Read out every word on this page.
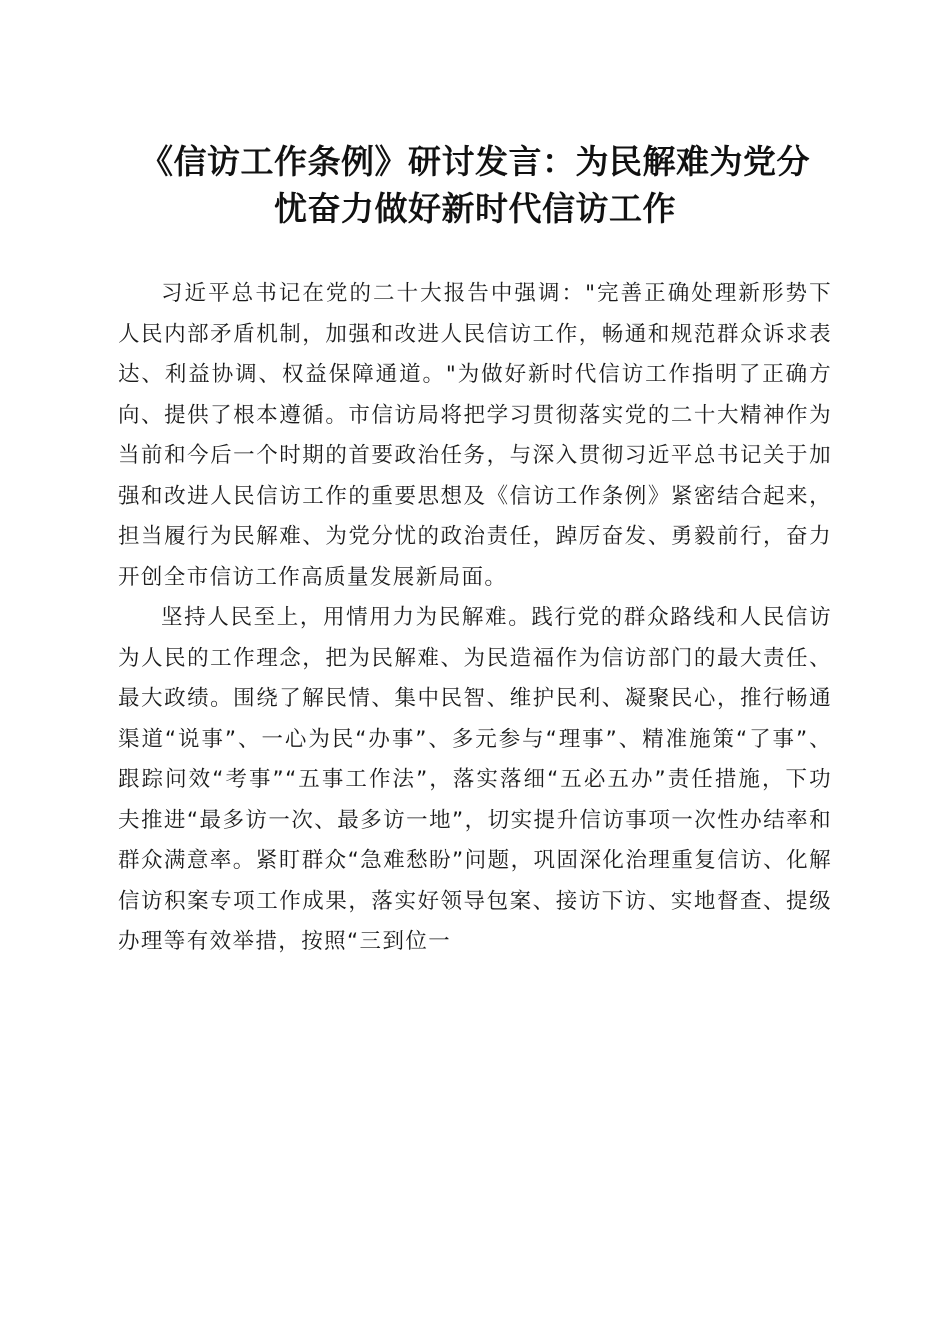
《信访工作条例》研讨发言：为民解难为党分
忧奋力做好新时代信访工作

习近平总书记在党的二十大报告中强调："完善正确处理新形势下人民内部矛盾机制，加强和改进人民信访工作，畅通和规范群众诉求表达、利益协调、权益保障通道。"为做好新时代信访工作指明了正确方向、提供了根本遵循。市信访局将把学习贯彻落实党的二十大精神作为当前和今后一个时期的首要政治任务，与深入贯彻习近平总书记关于加强和改进人民信访工作的重要思想及《信访工作条例》紧密结合起来，担当履行为民解难、为党分忧的政治责任，踔厉奋发、勇毅前行，奋力开创全市信访工作高质量发展新局面。

坚持人民至上，用情用力为民解难。践行党的群众路线和人民信访为人民的工作理念，把为民解难、为民造福作为信访部门的最大责任、最大政绩。围绕了解民情、集中民智、维护民利、凝聚民心，推行畅通渠道“说事”、一心为民“办事”、多元参与“理事”、精准施策“了事”、跟踪问效“考事”“五事工作法”，落实落细“五必五办”责任措施，下功夫推进“最多访一次、最多访一地”，切实提升信访事项一次性办结率和群众满意率。紧盯群众“急难愁盼”问题，巩固深化治理重复信访、化解信访积案专项工作成果，落实好领导包案、接访下访、实地督查、提级办理等有效举措，按照“三到位一
